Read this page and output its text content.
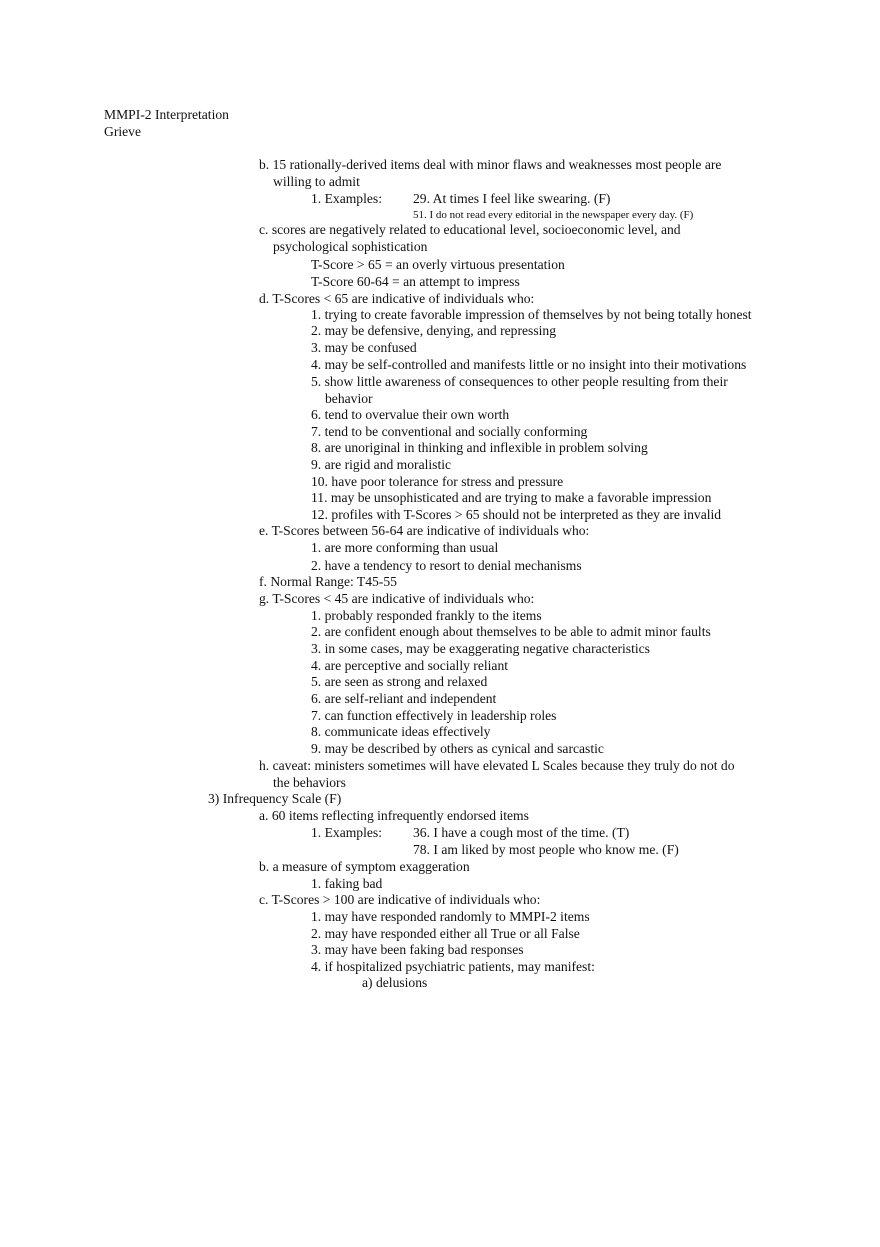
MMPI-2 Interpretation
Grieve
b. 15 rationally-derived items deal with minor flaws and weaknesses most people are
willing to admit
1. Examples: 29. At times I feel like swearing. (F)
51. I do not read every editorial in the newspaper every day. (F)
c. scores are negatively related to educational level, socioeconomic level, and
psychological sophistication
T-Score > 65 = an overly virtuous presentation
T-Score 60-64 = an attempt to impress
d. T-Scores < 65 are indicative of individuals who:
1. trying to create favorable impression of themselves by not being totally honest
2. may be defensive, denying, and repressing
3. may be confused
4. may be self-controlled and manifests little or no insight into their motivations
5. show little awareness of consequences to other people resulting from their
behavior
6. tend to overvalue their own worth
7. tend to be conventional and socially conforming
8. are unoriginal in thinking and inflexible in problem solving
9. are rigid and moralistic
10. have poor tolerance for stress and pressure
11. may be unsophisticated and are trying to make a favorable impression
12. profiles with T-Scores > 65 should not be interpreted as they are invalid
e. T-Scores between 56-64 are indicative of individuals who:
1. are more conforming than usual
2. have a tendency to resort to denial mechanisms
f. Normal Range: T45-55
g. T-Scores < 45 are indicative of individuals who:
1. probably responded frankly to the items
2. are confident enough about themselves to be able to admit minor faults
3. in some cases, may be exaggerating negative characteristics
4. are perceptive and socially reliant
5. are seen as strong and relaxed
6. are self-reliant and independent
7. can function effectively in leadership roles
8. communicate ideas effectively
9. may be described by others as cynical and sarcastic
h. caveat: ministers sometimes will have elevated L Scales because they truly do not do
the behaviors
3) Infrequency Scale (F)
a. 60 items reflecting infrequently endorsed items
1. Examples: 36. I have a cough most of the time. (T)
78. I am liked by most people who know me. (F)
b. a measure of symptom exaggeration
1. faking bad
c. T-Scores > 100 are indicative of individuals who:
1. may have responded randomly to MMPI-2 items
2. may have responded either all True or all False
3. may have been faking bad responses
4. if hospitalized psychiatric patients, may manifest:
a) delusions
